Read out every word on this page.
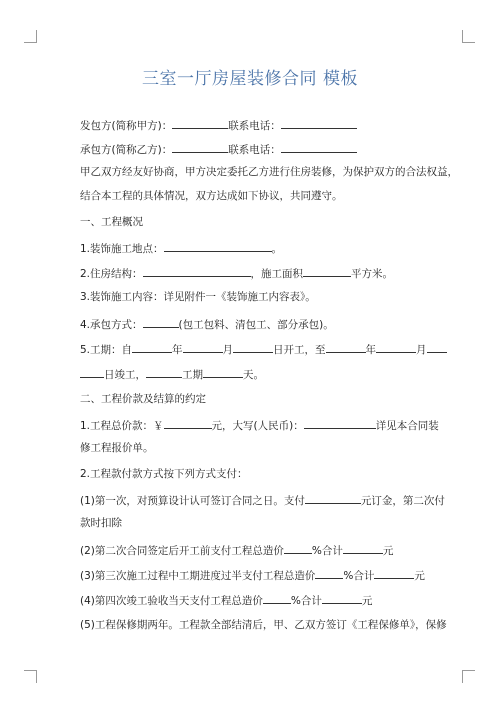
三室一厅房屋装修合同 模板
发包方(简称甲方)：	联系电话：
承包方(简称乙方)：	联系电话：
甲乙双方经友好协商，甲方决定委托乙方进行住房装修，为保护双方的合法权益，
结合本工程的具体情况，双方达成如下协议，共同遵守。
一、工程概况
1.装饰施工地点：	。
2.住房结构：	，施工面积	平方米。
3.装饰施工内容：详见附件一《装饰施工内容表》。
4.承包方式：	(包工包料、清包工、部分承包)。
5.工期：自	年	月	日开工，至	年	月
日竣工，	工期	天。
二、工程价款及结算的约定
1.工程总价款：￥	元，大写(人民币)：	详见本合同装
修工程报价单。
2.工程款付款方式按下列方式支付：
(1)第一次，对预算设计认可签订合同之日。支付	元订金，第二次付
款时扣除
(2)第二次合同签定后开工前支付工程总造价	%合计	元
(3)第三次施工过程中工期进度过半支付工程总造价	%合计	元
(4)第四次竣工验收当天支付工程总造价	%合计	元
(5)工程保修期两年。工程款全部结清后，甲、乙双方签订《工程保修单》，保修
